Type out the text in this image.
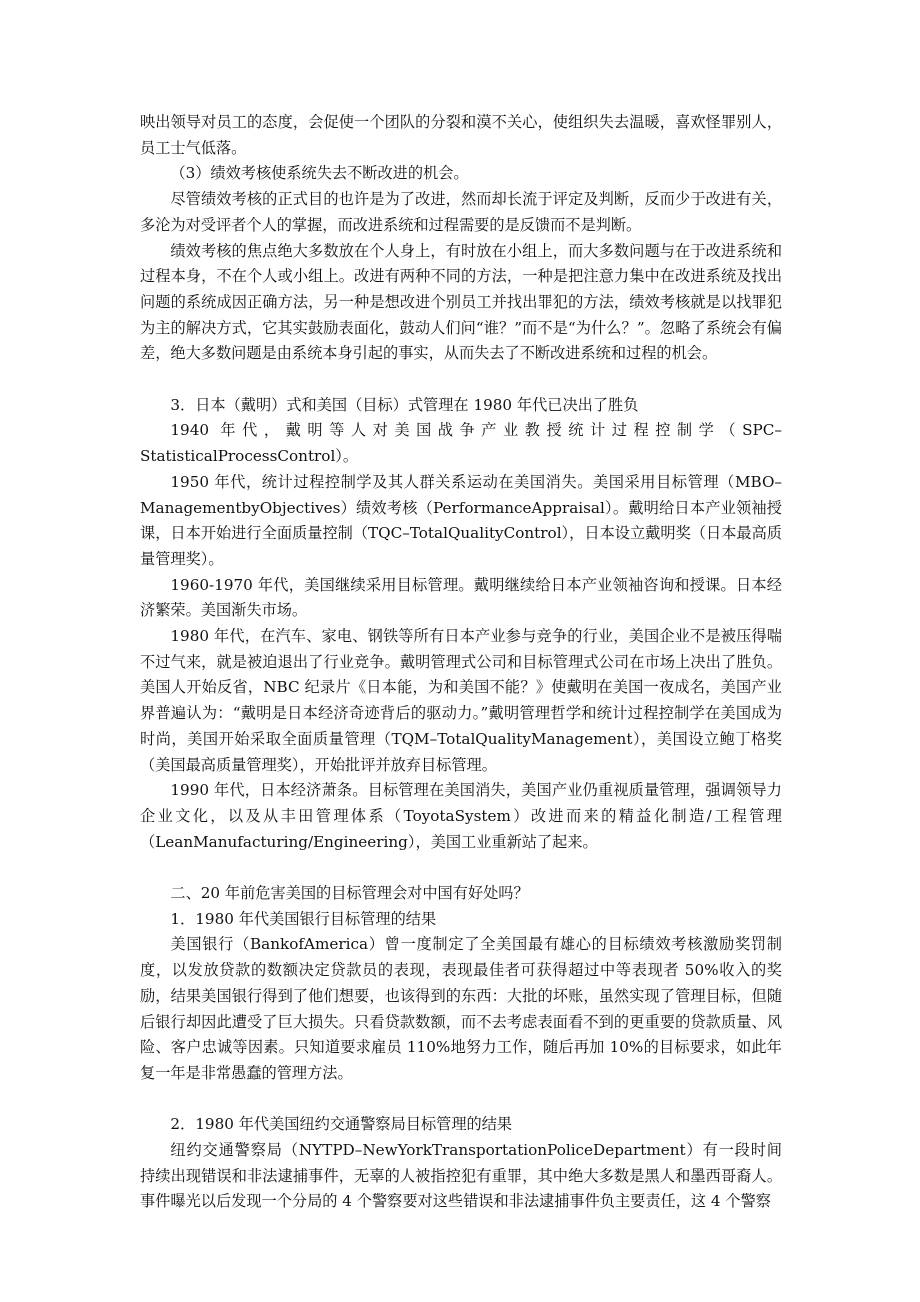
映出领导对员工的态度，会促使一个团队的分裂和漠不关心，使组织失去温暖，喜欢怪罪别人，员工士气低落。

（3）绩效考核使系统失去不断改进的机会。

尽管绩效考核的正式目的也许是为了改进，然而却长流于评定及判断，反而少于改进有关，多沦为对受评者个人的掌握，而改进系统和过程需要的是反馈而不是判断。

绩效考核的焦点绝大多数放在个人身上，有时放在小组上，而大多数问题与在于改进系统和过程本身，不在个人或小组上。改进有两种不同的方法，一种是把注意力集中在改进系统及找出问题的系统成因正确方法，另一种是想改进个别员工并找出罪犯的方法，绩效考核就是以找罪犯为主的解决方式，它其实鼓励表面化，鼓动人们问“谁？”而不是“为什么？”。忽略了系统会有偏差，绝大多数问题是由系统本身引起的事实，从而失去了不断改进系统和过程的机会。

3．日本（戴明）式和美国（目标）式管理在 1980 年代已决出了胜负

1940 年代，戴明等人对美国战争产业教授统计过程控制学（SPC–StatisticalProcessControl）。

1950 年代，统计过程控制学及其人群关系运动在美国消失。美国采用目标管理（MBO–ManagementbyObjectives）绩效考核（PerformanceAppraisal）。戴明给日本产业领袖授课，日本开始进行全面质量控制（TQC–TotalQualityControl），日本设立戴明奖（日本最高质量管理奖）。

1960-1970 年代，美国继续采用目标管理。戴明继续给日本产业领袖咨询和授课。日本经济繁荣。美国渐失市场。

1980 年代，在汽车、家电、钢铁等所有日本产业参与竞争的行业，美国企业不是被压得喘不过气来，就是被迫退出了行业竞争。戴明管理式公司和目标管理式公司在市场上决出了胜负。美国人开始反省，NBC 纪录片《日本能，为和美国不能？》使戴明在美国一夜成名，美国产业界普遍认为：“戴明是日本经济奇迹背后的驱动力。”戴明管理哲学和统计过程控制学在美国成为时尚，美国开始采取全面质量管理（TQM–TotalQualityManagement），美国设立鲍丁格奖（美国最高质量管理奖），开始批评并放弃目标管理。

1990 年代，日本经济萧条。目标管理在美国消失，美国产业仍重视质量管理，强调领导力企业文化，以及从丰田管理体系（ToyotaSystem）改进而来的精益化制造/工程管理（LeanManufacturing/Engineering），美国工业重新站了起来。

二、20 年前危害美国的目标管理会对中国有好处吗？

1．1980 年代美国银行目标管理的结果

美国银行（BankofAmerica）曾一度制定了全美国最有雄心的目标绩效考核激励奖罚制度，以发放贷款的数额决定贷款员的表现，表现最佳者可获得超过中等表现者 50%收入的奖励，结果美国银行得到了他们想要，也该得到的东西：大批的坏账，虽然实现了管理目标，但随后银行却因此遭受了巨大损失。只看贷款数额，而不去考虑表面看不到的更重要的贷款质量、风险、客户忠诚等因素。只知道要求雇员 110%地努力工作，随后再加 10%的目标要求，如此年复一年是非常愚蠢的管理方法。

2．1980 年代美国纽约交通警察局目标管理的结果

纽约交通警察局（NYTPD–NewYorkTransportationPoliceDepartment）有一段时间持续出现错误和非法逮捕事件，无辜的人被指控犯有重罪，其中绝大多数是黑人和墨西哥裔人。事件曝光以后发现一个分局的 4 个警察要对这些错误和非法逮捕事件负主要责任，这 4 个警察
